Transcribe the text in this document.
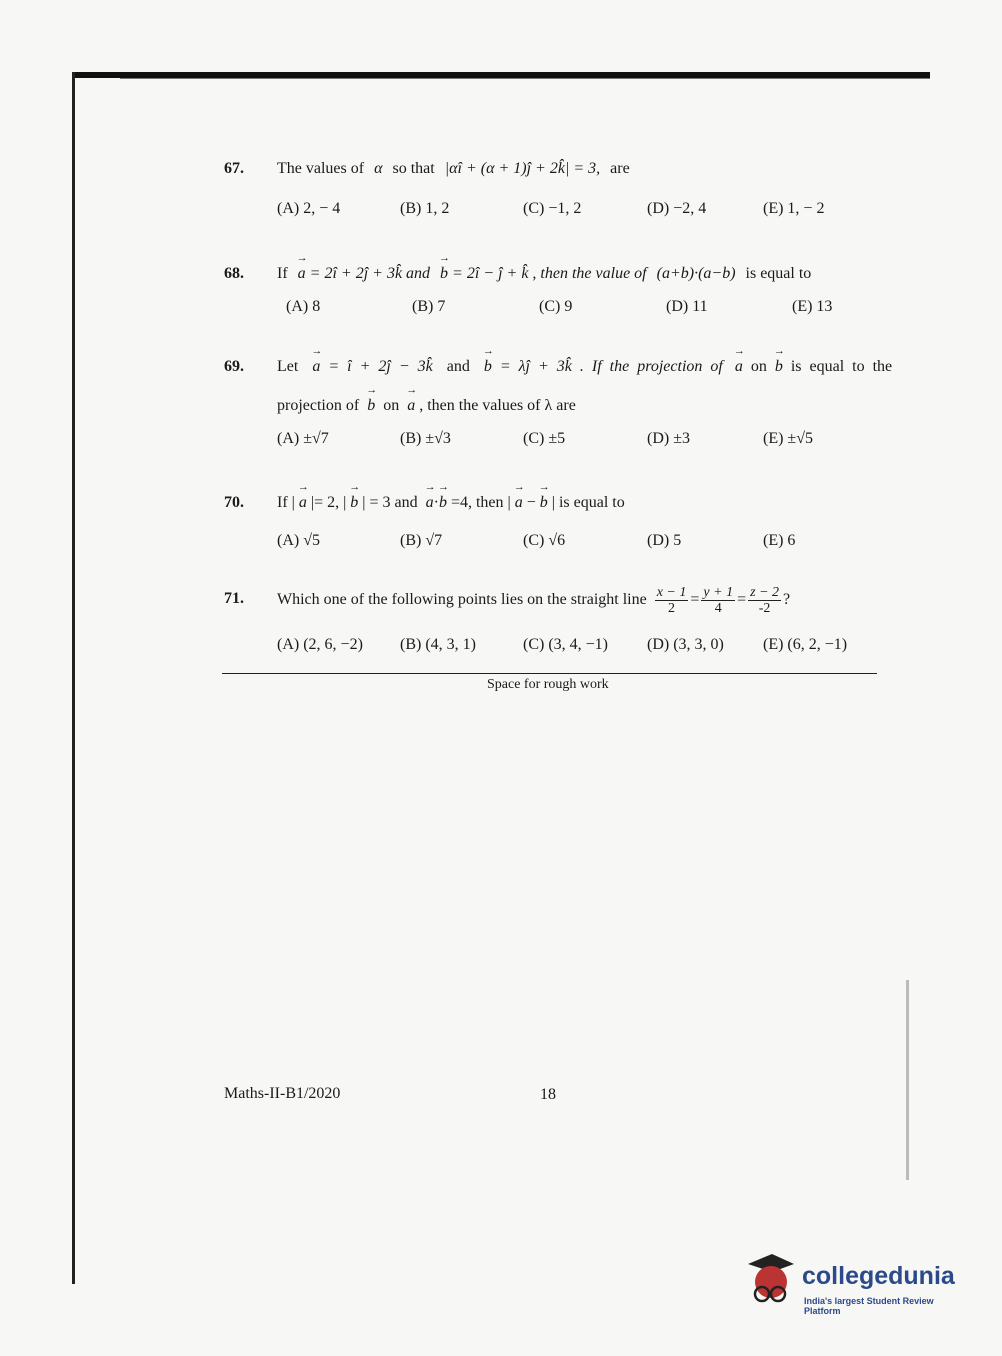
67. The values of α so that |αî + (α + 1)ĵ + 2k̂| = 3, are
(A) 2, − 4	(B) 1, 2	(C) −1, 2	(D) −2, 4	(E) 1, − 2
68. If → a = 2î + 2ĵ + 3k̂ and → b = 2î − ĵ + k̂ , then the value of (a+b)·(a−b) is equal to
(A) 8	(B) 7	(C) 9	(D) 11	(E) 13
69. Let → a = î + 2ĵ − 3k̂ and → b = λĵ + 3k̂ . If the projection of → a on → b is equal to the
projection of → b on → a , then the values of λ are
(A) ±√7	(B) ±√3	(C) ±5	(D) ±3	(E) ±√5
70. If | → a |= 2, | → b | = 3 and → a·→ b =4, then | → a − → b | is equal to
(A) √5	(B) √7	(C) √6	(D) 5	(E) 6
71. Which one of the following points lies on the straight line $\frac{x - 1}{2} = \frac{y + 1}{4} = \frac{z - 2}{-2}$ ?
(A) (2, 6, −2) (B) (4, 3, 1)	(C) (3, 4, −1) (D) (3, 3, 0) (E) (6, 2, −1)
Space for rough work
Maths-II-B1/2020	18
collegedunia
India's largest Student Review Platform
